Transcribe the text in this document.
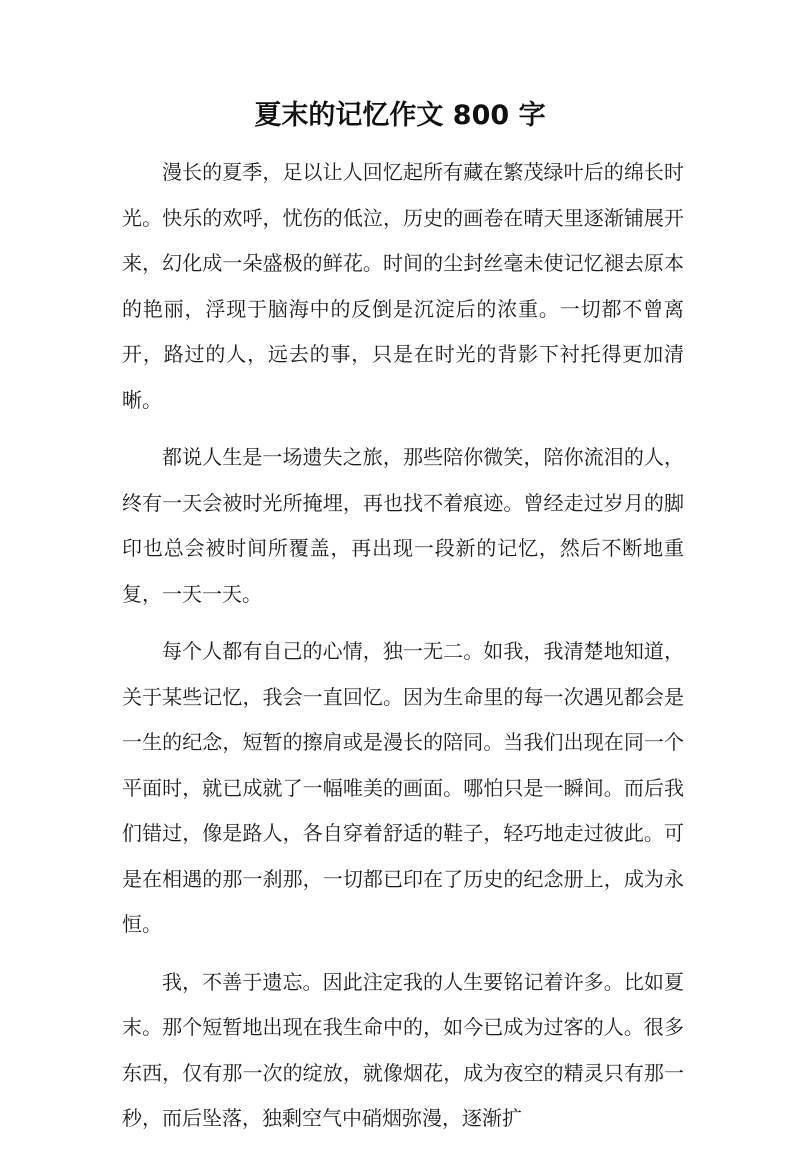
夏末的记忆作文 800 字

漫长的夏季，足以让人回忆起所有藏在繁茂绿叶后的绵长时光。快乐的欢呼，忧伤的低泣，历史的画卷在晴天里逐渐铺展开来，幻化成一朵盛极的鲜花。时间的尘封丝毫未使记忆褪去原本的艳丽，浮现于脑海中的反倒是沉淀后的浓重。一切都不曾离开，路过的人，远去的事，只是在时光的背影下衬托得更加清晰。

都说人生是一场遗失之旅，那些陪你微笑，陪你流泪的人，终有一天会被时光所掩埋，再也找不着痕迹。曾经走过岁月的脚印也总会被时间所覆盖，再出现一段新的记忆，然后不断地重复，一天一天。

每个人都有自己的心情，独一无二。如我，我清楚地知道，关于某些记忆，我会一直回忆。因为生命里的每一次遇见都会是一生的纪念，短暂的擦肩或是漫长的陪同。当我们出现在同一个平面时，就已成就了一幅唯美的画面。哪怕只是一瞬间。而后我们错过，像是路人，各自穿着舒适的鞋子，轻巧地走过彼此。可是在相遇的那一刹那，一切都已印在了历史的纪念册上，成为永恒。

我，不善于遗忘。因此注定我的人生要铭记着许多。比如夏末。那个短暂地出现在我生命中的，如今已成为过客的人。很多东西，仅有那一次的绽放，就像烟花，成为夜空的精灵只有那一秒，而后坠落，独剩空气中硝烟弥漫，逐渐扩
